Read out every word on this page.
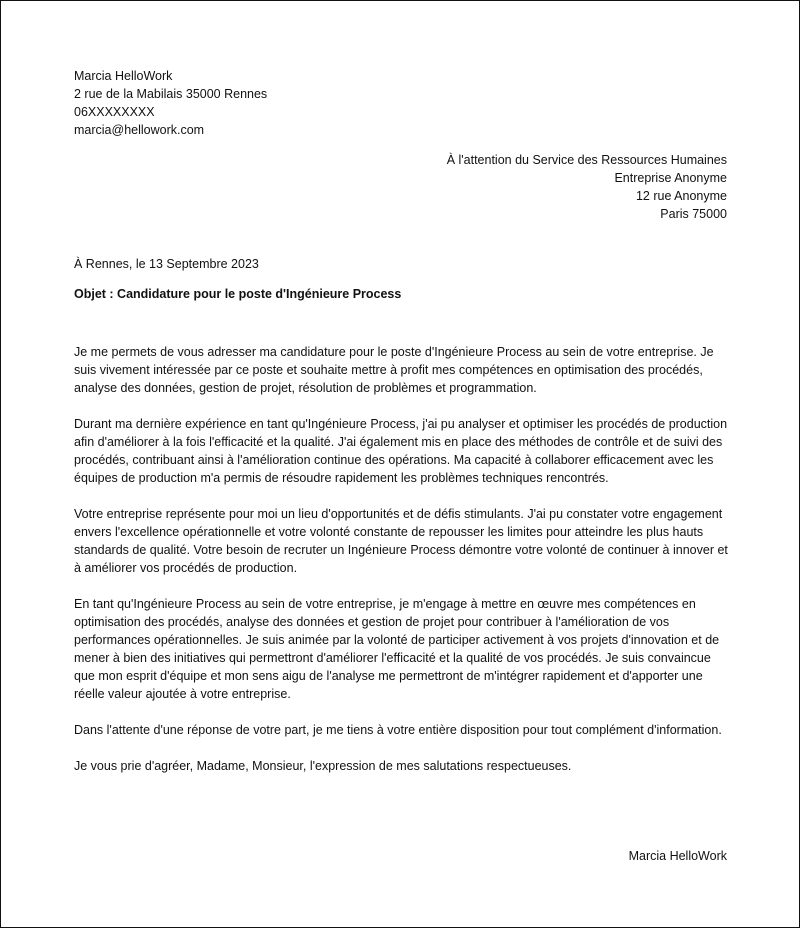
Marcia HelloWork
2 rue de la Mabilais 35000 Rennes
06XXXXXXXX
marcia@hellowork.com
À l'attention du Service des Ressources Humaines
Entreprise Anonyme
12 rue Anonyme
Paris 75000
À Rennes, le 13 Septembre 2023
Objet : Candidature pour le poste d'Ingénieure Process

Je me permets de vous adresser ma candidature pour le poste d'Ingénieure Process au sein de votre entreprise. Je suis vivement intéressée par ce poste et souhaite mettre à profit mes compétences en optimisation des procédés, analyse des données, gestion de projet, résolution de problèmes et programmation.

Durant ma dernière expérience en tant qu'Ingénieure Process, j'ai pu analyser et optimiser les procédés de production afin d'améliorer à la fois l'efficacité et la qualité. J'ai également mis en place des méthodes de contrôle et de suivi des procédés, contribuant ainsi à l'amélioration continue des opérations. Ma capacité à collaborer efficacement avec les équipes de production m'a permis de résoudre rapidement les problèmes techniques rencontrés.

Votre entreprise représente pour moi un lieu d'opportunités et de défis stimulants. J'ai pu constater votre engagement envers l'excellence opérationnelle et votre volonté constante de repousser les limites pour atteindre les plus hauts standards de qualité. Votre besoin de recruter un Ingénieure Process démontre votre volonté de continuer à innover et à améliorer vos procédés de production.

En tant qu'Ingénieure Process au sein de votre entreprise, je m'engage à mettre en œuvre mes compétences en optimisation des procédés, analyse des données et gestion de projet pour contribuer à l'amélioration de vos performances opérationnelles. Je suis animée par la volonté de participer activement à vos projets d'innovation et de mener à bien des initiatives qui permettront d'améliorer l'efficacité et la qualité de vos procédés. Je suis convaincue que mon esprit d'équipe et mon sens aigu de l'analyse me permettront de m'intégrer rapidement et d'apporter une réelle valeur ajoutée à votre entreprise.

Dans l'attente d'une réponse de votre part, je me tiens à votre entière disposition pour tout complément d'information.

Je vous prie d'agréer, Madame, Monsieur, l'expression de mes salutations respectueuses.

Marcia HelloWork
